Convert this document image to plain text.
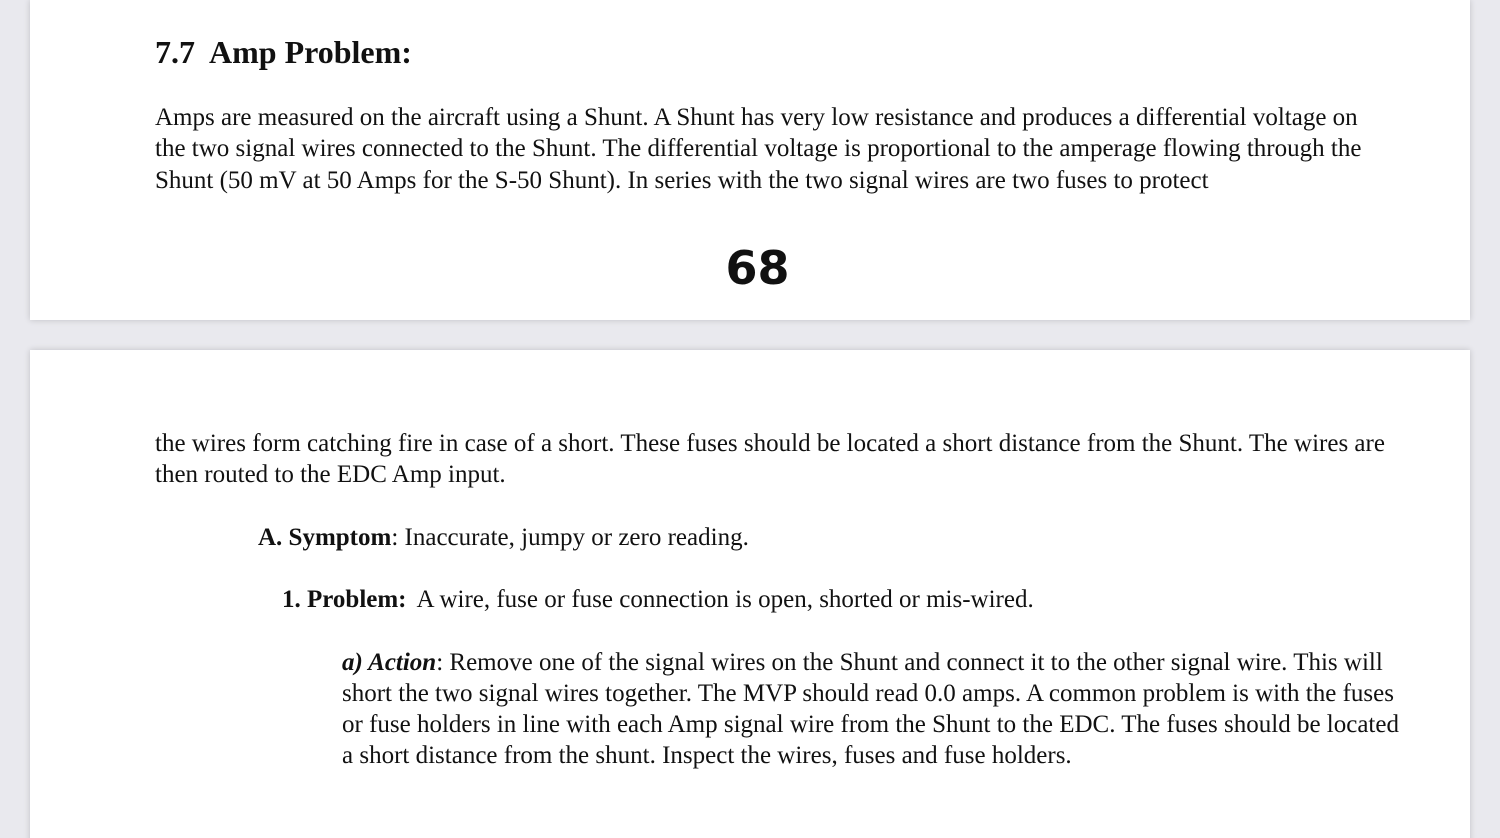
7.7 Amp Problem:

Amps are measured on the aircraft using a Shunt. A Shunt has very low resistance and produces a differential voltage on the two signal wires connected to the Shunt. The differential voltage is proportional to the amperage flowing through the Shunt (50 mV at 50 Amps for the S-50 Shunt). In series with the two signal wires are two fuses to protect

68

the wires form catching fire in case of a short. These fuses should be located a short distance from the Shunt. The wires are then routed to the EDC Amp input.

A. Symptom: Inaccurate, jumpy or zero reading.

1. Problem: A wire, fuse or fuse connection is open, shorted or mis-wired.

a) Action: Remove one of the signal wires on the Shunt and connect it to the other signal wire. This will short the two signal wires together. The MVP should read 0.0 amps. A common problem is with the fuses or fuse holders in line with each Amp signal wire from the Shunt to the EDC. The fuses should be located a short distance from the shunt. Inspect the wires, fuses and fuse holders.
